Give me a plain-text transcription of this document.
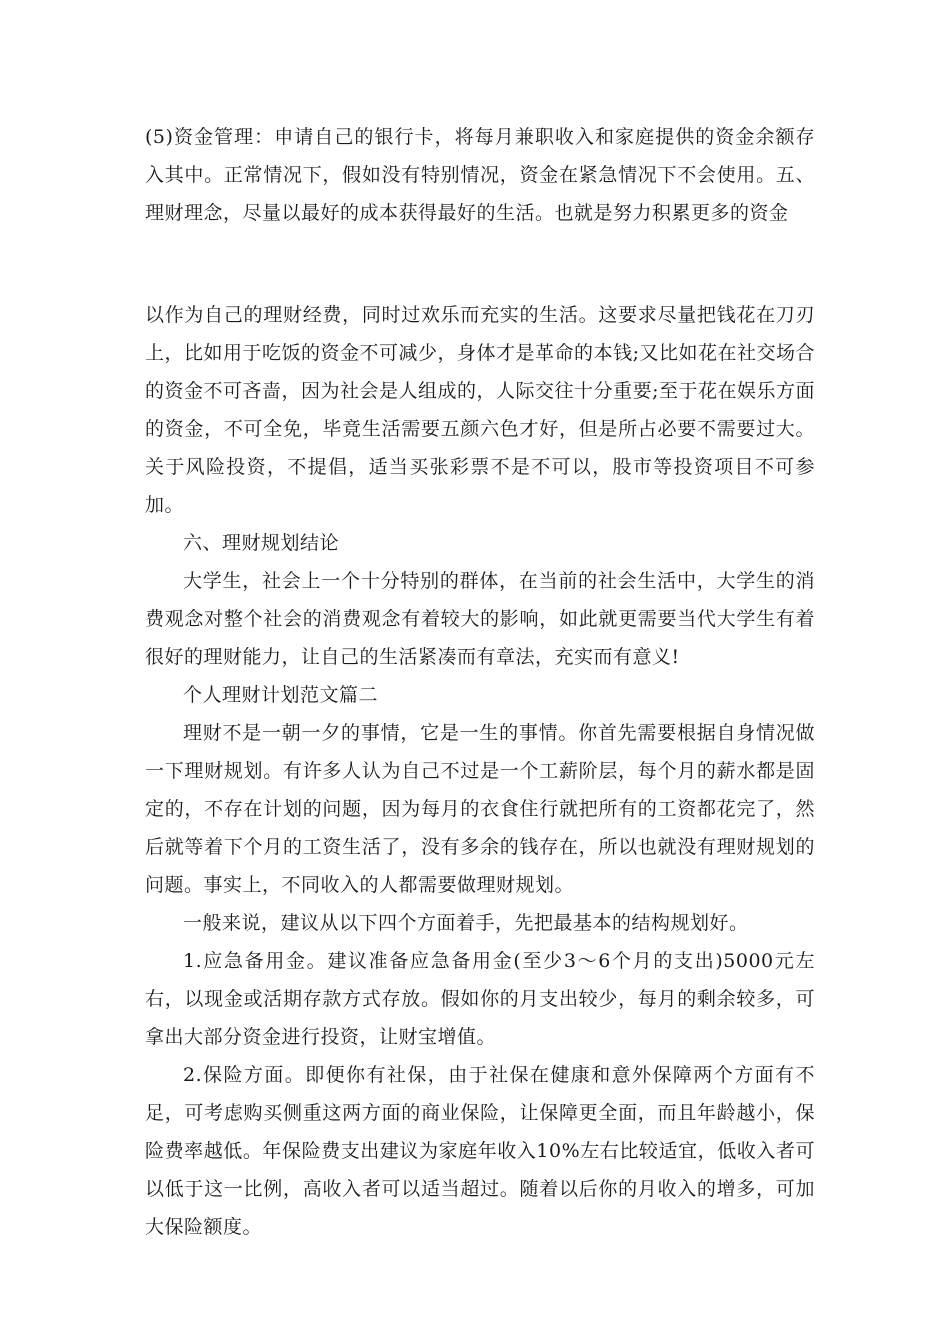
(5)资金管理：申请自己的银行卡，将每月兼职收入和家庭提供的资金余额存入其中。正常情况下，假如没有特别情况，资金在紧急情况下不会使用。五、理财理念，尽量以最好的成本获得最好的生活。也就是努力积累更多的资金

以作为自己的理财经费，同时过欢乐而充实的生活。这要求尽量把钱花在刀刃上，比如用于吃饭的资金不可减少，身体才是革命的本钱;又比如花在社交场合的资金不可吝啬，因为社会是人组成的，人际交往十分重要;至于花在娱乐方面的资金，不可全免，毕竟生活需要五颜六色才好，但是所占必要不需要过大。关于风险投资，不提倡，适当买张彩票不是不可以，股市等投资项目不可参加。

六、理财规划结论

大学生，社会上一个十分特别的群体，在当前的社会生活中，大学生的消费观念对整个社会的消费观念有着较大的影响，如此就更需要当代大学生有着很好的理财能力，让自己的生活紧凑而有章法，充实而有意义!

个人理财计划范文篇二

理财不是一朝一夕的事情，它是一生的事情。你首先需要根据自身情况做一下理财规划。有许多人认为自己不过是一个工薪阶层，每个月的薪水都是固定的，不存在计划的问题，因为每月的衣食住行就把所有的工资都花完了，然后就等着下个月的工资生活了，没有多余的钱存在，所以也就没有理财规划的问题。事实上，不同收入的人都需要做理财规划。

一般来说，建议从以下四个方面着手，先把最基本的结构规划好。

1.应急备用金。建议准备应急备用金(至少3～6个月的支出)5000元左右，以现金或活期存款方式存放。假如你的月支出较少，每月的剩余较多，可拿出大部分资金进行投资，让财宝增值。

2.保险方面。即便你有社保，由于社保在健康和意外保障两个方面有不足，可考虑购买侧重这两方面的商业保险，让保障更全面，而且年龄越小，保险费率越低。年保险费支出建议为家庭年收入10%左右比较适宜，低收入者可以低于这一比例，高收入者可以适当超过。随着以后你的月收入的增多，可加大保险额度。
